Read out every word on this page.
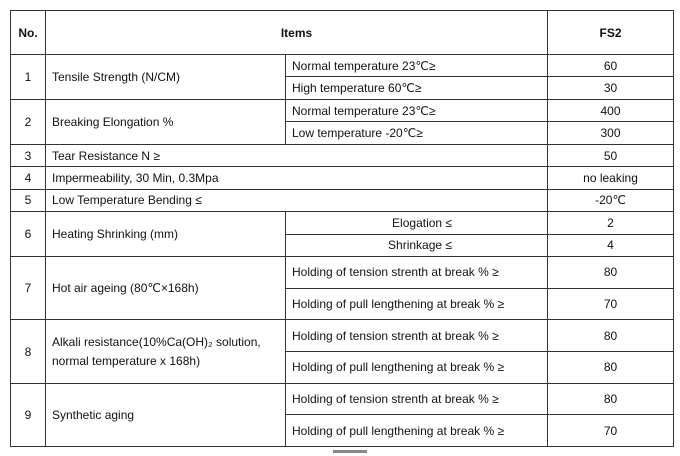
No.	Items		FS2
1	Tensile Strength (N/CM)	Normal temperature 23℃≥	60
		High temperature 60℃≥	30
2	Breaking Elongation %	Normal temperature 23℃≥	400
		Low temperature -20℃≥	300
3	Tear Resistance N ≥		50
4	Impermeability, 30 Min, 0.3Mpa		no leaking
5	Low Temperature Bending ≤		-20℃
6	Heating Shrinking (mm)	Elogation ≤	2
		Shrinkage ≤	4
7	Hot air ageing (80℃×168h)	Holding of tension strenth at break % ≥	80
		Holding of pull lengthening at break % ≥	70
8	Alkali resistance(10%Ca(OH)₂ solution,
normal temperature x 168h)	Holding of tension strenth at break % ≥	80
		Holding of pull lengthening at break % ≥	80
9	Synthetic aging	Holding of tension strenth at break % ≥	80
		Holding of pull lengthening at break % ≥	70
